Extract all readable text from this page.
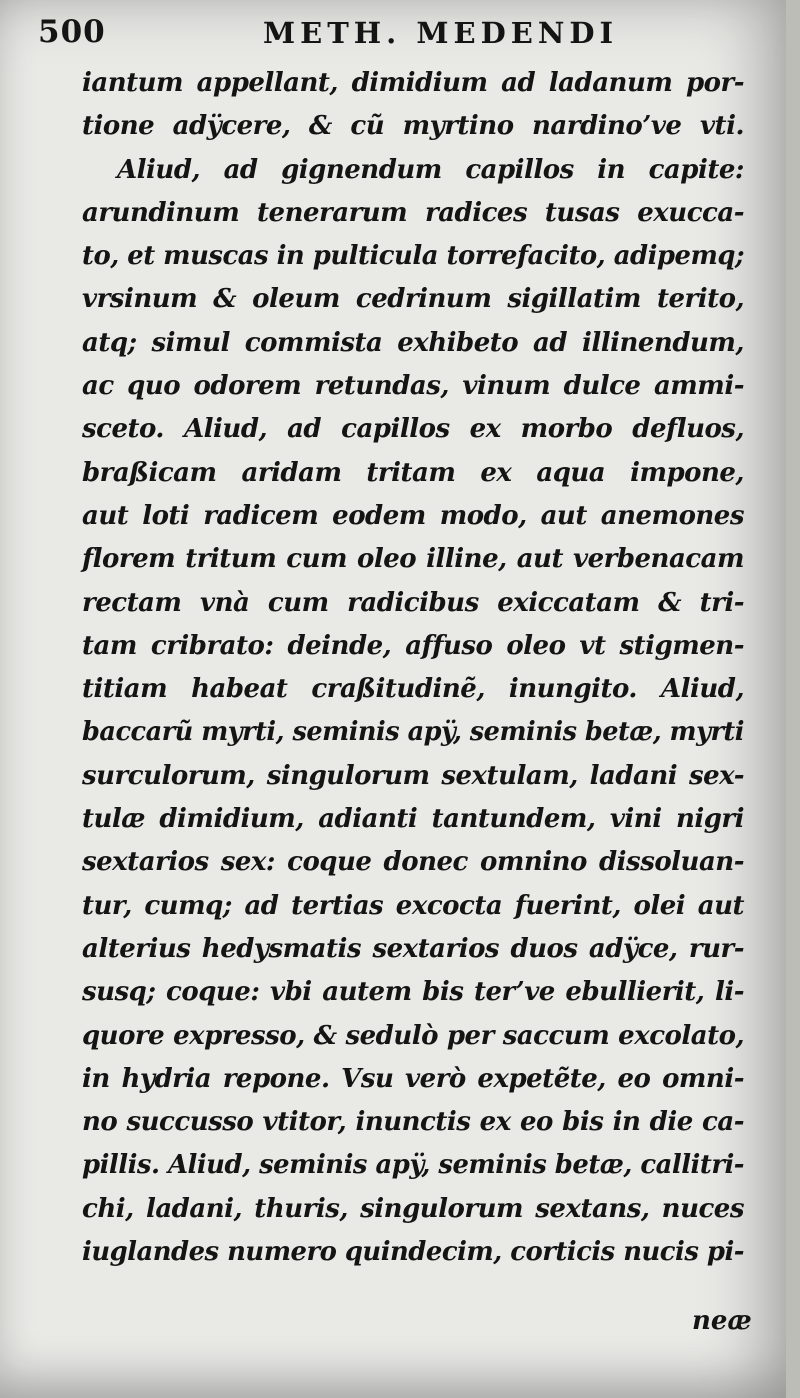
500	METH. MEDENDI
iantum appellant, dimidium ad ladanum por-
tione adÿcere, & cũ myrtino nardino’ve vti.
Aliud, ad gignendum capillos in capite:
arundinum tenerarum radices tusas exucca-
to, et muscas in pulticula torrefacito, adipemq;
vrsinum & oleum cedrinum sigillatim terito,
atq; simul commista exhibeto ad illinendum,
ac quo odorem retundas, vinum dulce ammi-
sceto. Aliud, ad capillos ex morbo defluos,
braßicam aridam tritam ex aqua impone,
aut loti radicem eodem modo, aut anemones
florem tritum cum oleo illine, aut verbenacam
rectam vnà cum radicibus exiccatam & tri-
tam cribrato: deinde, affuso oleo vt stigmen-
titiam habeat craßitudinẽ, inungito. Aliud,
baccarũ myrti, seminis apÿ, seminis betæ, myrti
surculorum, singulorum sextulam, ladani sex-
tulæ dimidium, adianti tantundem, vini nigri
sextarios sex: coque donec omnino dissoluan-
tur, cumq; ad tertias excocta fuerint, olei aut
alterius hedysmatis sextarios duos adÿce, rur-
susq; coque: vbi autem bis ter’ve ebullierit, li-
quore expresso, & sedulò per saccum excolato,
in hydria repone. Vsu verò expetẽte, eo omni-
no succusso vtitor, inunctis ex eo bis in die ca-
pillis. Aliud, seminis apÿ, seminis betæ, callitri-
chi, ladani, thuris, singulorum sextans, nuces
iuglandes numero quindecim, corticis nucis pi-
neæ
